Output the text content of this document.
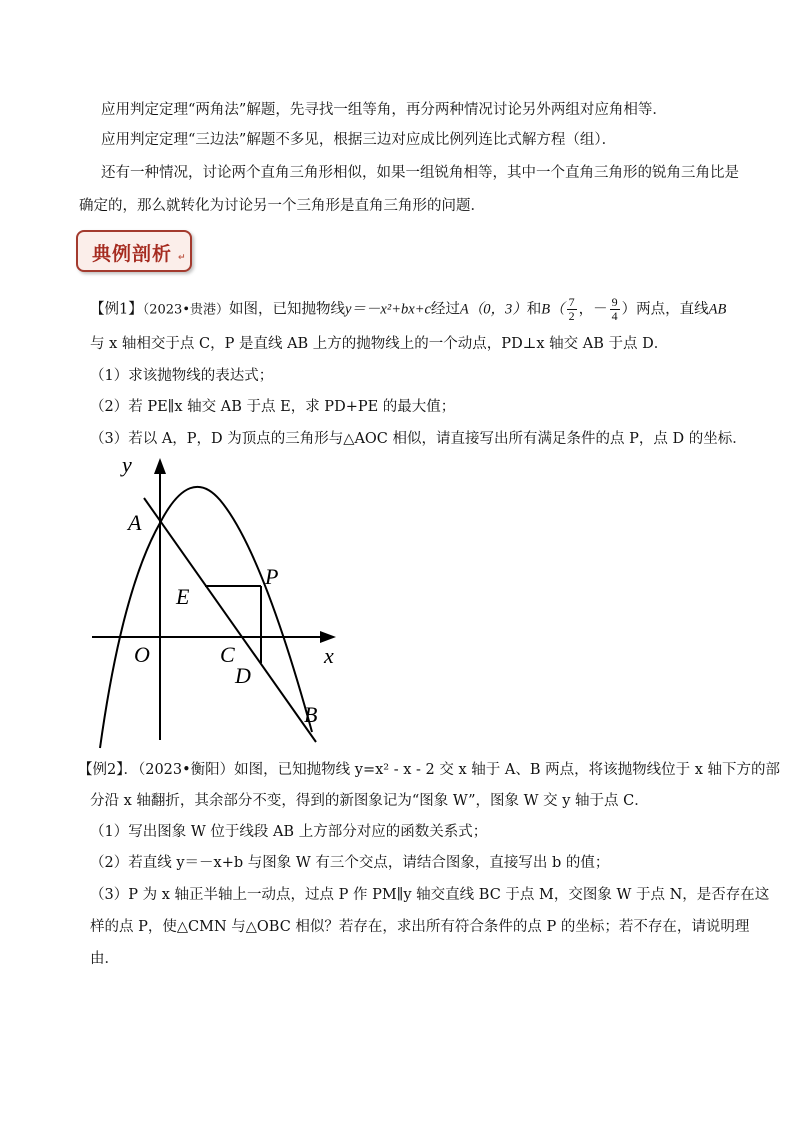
应用判定定理“两角法”解题，先寻找一组等角，再分两种情况讨论另外两组对应角相等．
应用判定定理“三边法”解题不多见，根据三边对应成比例列连比式解方程（组）．
还有一种情况，讨论两个直角三角形相似，如果一组锐角相等，其中一个直角三角形的锐角三角比是
确定的，那么就转化为讨论另一个三角形是直角三角形的问题．
典例剖析 ↵
【例1】（2023•贵港）如图，已知抛物线y＝－x²+bx+c经过A（0，3）和$B( \frac{7}{2}$ ，－ $\frac{9}{4}$ ）两点，直线AB
与 x 轴相交于点 C，P 是直线 AB 上方的抛物线上的一个动点，PD⊥x 轴交 AB 于点 D．
（1）求该抛物线的表达式；
（2）若 PE∥x 轴交 AB 于点 E，求 PD+PE 的最大值；
（3）若以 A，P，D 为顶点的三角形与△AOC 相似，请直接写出所有满足条件的点 P，点 D 的坐标．
y
x
A
E
P
O	C
D
B
【例2】．（2023•衡阳）如图，已知抛物线 y=x² - x - 2 交 x 轴于 A、B 两点，将该抛物线位于 x 轴下方的部
分沿 x 轴翻折，其余部分不变，得到的新图象记为“图象 W”，图象 W 交 y 轴于点 C．
（1）写出图象 W 位于线段 AB 上方部分对应的函数关系式；
（2）若直线 y＝－x+b 与图象 W 有三个交点，请结合图象，直接写出 b 的值；
（3）P 为 x 轴正半轴上一动点，过点 P 作 PM∥y 轴交直线 BC 于点 M，交图象 W 于点 N，是否存在这
样的点 P，使△CMN 与△OBC 相似？若存在，求出所有符合条件的点 P 的坐标；若不存在，请说明理
由．
